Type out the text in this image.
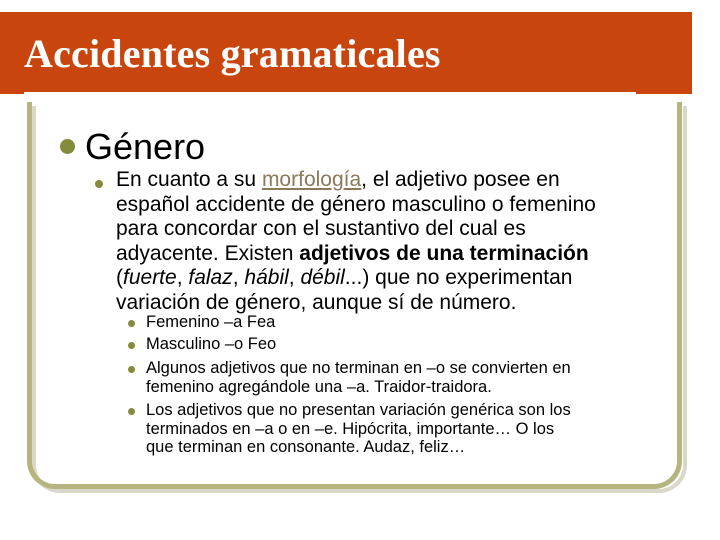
Accidentes gramaticales
Género
En cuanto a su morfología, el adjetivo posee en
español accidente de género masculino o femenino
para concordar con el sustantivo del cual es
adyacente. Existen adjetivos de una terminación
(fuerte, falaz, hábil, débil...) que no experimentan
variación de género, aunque sí de número.
Femenino –a Fea
Masculino –o Feo
Algunos adjetivos que no terminan en –o se convierten en
femenino agregándole una –a. Traidor-traidora.
Los adjetivos que no presentan variación genérica son los
terminados en –a o en –e. Hipócrita, importante… O los
que terminan en consonante. Audaz, feliz…
